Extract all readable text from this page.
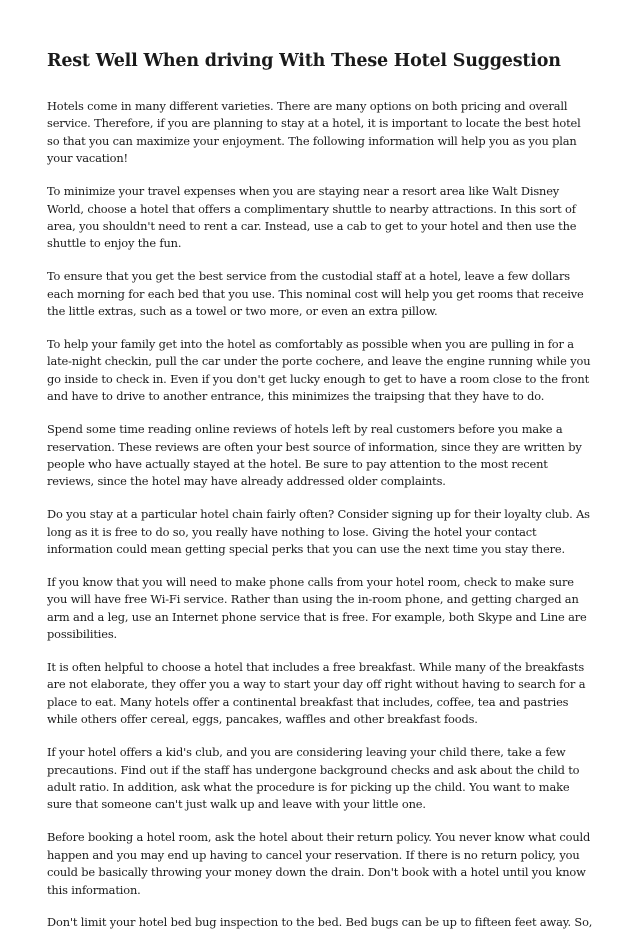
Rest Well When driving With These Hotel Suggestion

Hotels come in many different varieties. There are many options on both pricing and overall service. Therefore, if you are planning to stay at a hotel, it is important to locate the best hotel so that you can maximize your enjoyment. The following information will help you as you plan your vacation!

To minimize your travel expenses when you are staying near a resort area like Walt Disney World, choose a hotel that offers a complimentary shuttle to nearby attractions. In this sort of area, you shouldn't need to rent a car. Instead, use a cab to get to your hotel and then use the shuttle to enjoy the fun.

To ensure that you get the best service from the custodial staff at a hotel, leave a few dollars each morning for each bed that you use. This nominal cost will help you get rooms that receive the little extras, such as a towel or two more, or even an extra pillow.

To help your family get into the hotel as comfortably as possible when you are pulling in for a late-night checkin, pull the car under the porte cochere, and leave the engine running while you go inside to check in. Even if you don't get lucky enough to get to have a room close to the front and have to drive to another entrance, this minimizes the traipsing that they have to do.

Spend some time reading online reviews of hotels left by real customers before you make a reservation. These reviews are often your best source of information, since they are written by people who have actually stayed at the hotel. Be sure to pay attention to the most recent reviews, since the hotel may have already addressed older complaints.

Do you stay at a particular hotel chain fairly often? Consider signing up for their loyalty club. As long as it is free to do so, you really have nothing to lose. Giving the hotel your contact information could mean getting special perks that you can use the next time you stay there.

If you know that you will need to make phone calls from your hotel room, check to make sure you will have free Wi-Fi service. Rather than using the in-room phone, and getting charged an arm and a leg, use an Internet phone service that is free. For example, both Skype and Line are possibilities.

It is often helpful to choose a hotel that includes a free breakfast. While many of the breakfasts are not elaborate, they offer you a way to start your day off right without having to search for a place to eat. Many hotels offer a continental breakfast that includes, coffee, tea and pastries while others offer cereal, eggs, pancakes, waffles and other breakfast foods.

If your hotel offers a kid's club, and you are considering leaving your child there, take a few precautions. Find out if the staff has undergone background checks and ask about the child to adult ratio. In addition, ask what the procedure is for picking up the child. You want to make sure that someone can't just walk up and leave with your little one.

Before booking a hotel room, ask the hotel about their return policy. You never know what could happen and you may end up having to cancel your reservation. If there is no return policy, you could be basically throwing your money down the drain. Don't book with a hotel until you know this information.

Don't limit your hotel bed bug inspection to the bed. Bed bugs can be up to fifteen feet away. So,
